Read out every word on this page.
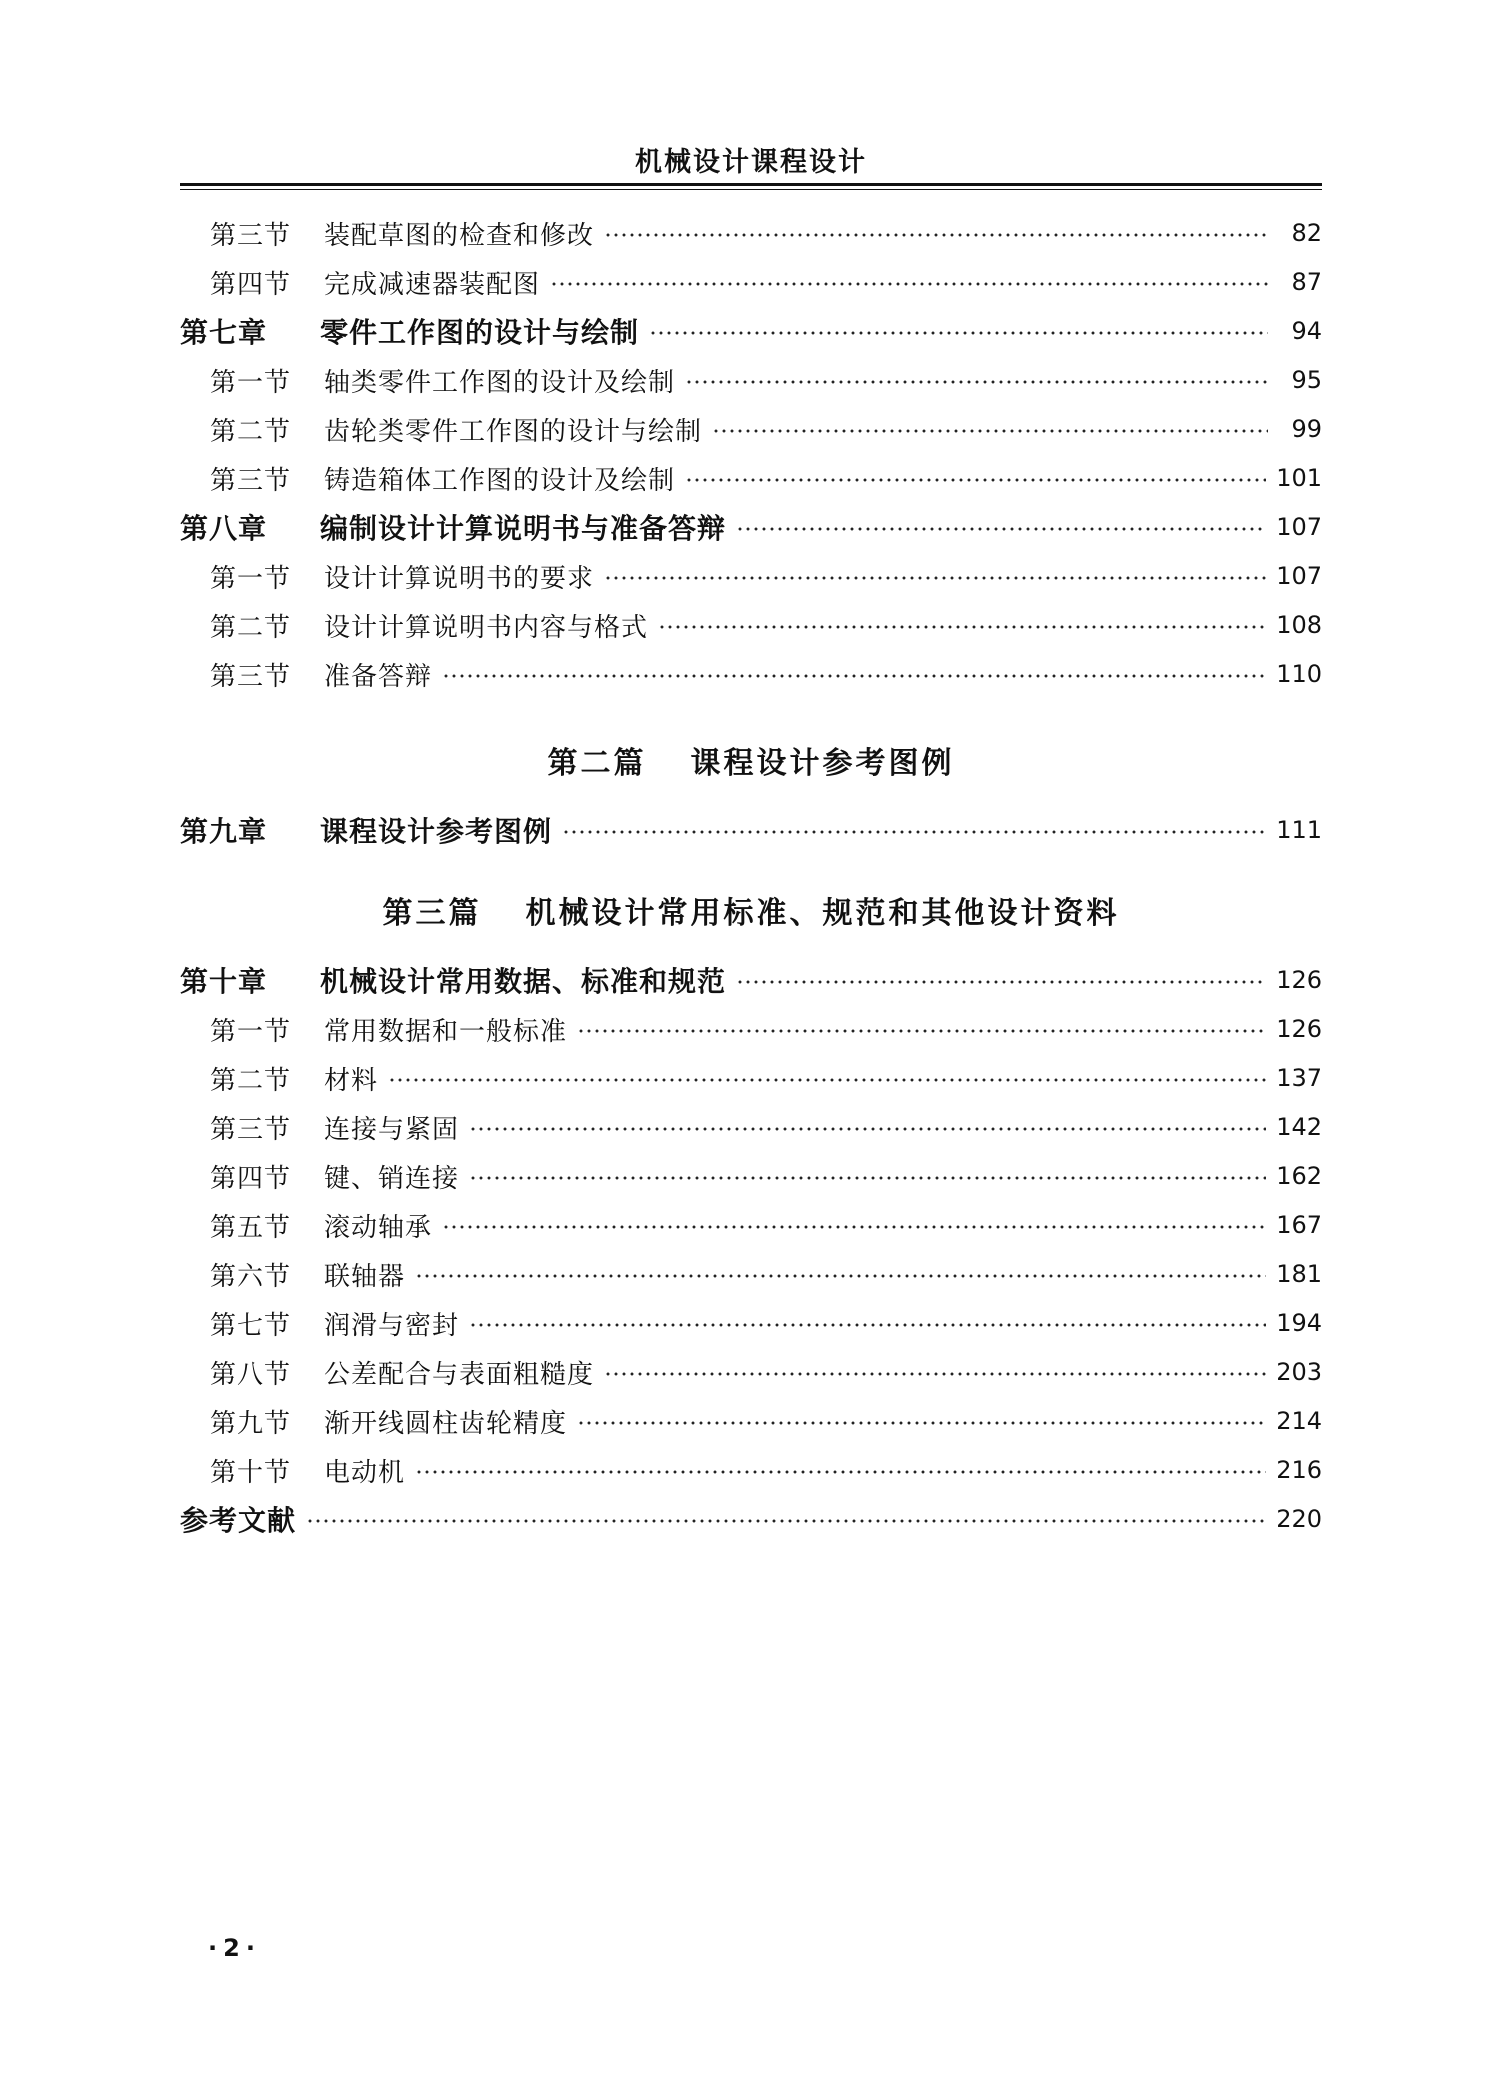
机械设计课程设计
第三节	装配草图的检查和修改	82
第四节	完成减速器装配图	87
第七章	零件工作图的设计与绘制	94
第一节	轴类零件工作图的设计及绘制	95
第二节	齿轮类零件工作图的设计与绘制	99
第三节	铸造箱体工作图的设计及绘制	101
第八章	编制设计计算说明书与准备答辩	107
第一节	设计计算说明书的要求	107
第二节	设计计算说明书内容与格式	108
第三节	准备答辩	110
第二篇 课程设计参考图例
第九章	课程设计参考图例	111
第三篇 机械设计常用标准、规范和其他设计资料
第十章	机械设计常用数据、标准和规范	126
第一节	常用数据和一般标准	126
第二节	材料	137
第三节	连接与紧固	142
第四节	键、销连接	162
第五节	滚动轴承	167
第六节	联轴器	181
第七节	润滑与密封	194
第八节	公差配合与表面粗糙度	203
第九节	渐开线圆柱齿轮精度	214
第十节	电动机	216
参考文献	220
·2·
